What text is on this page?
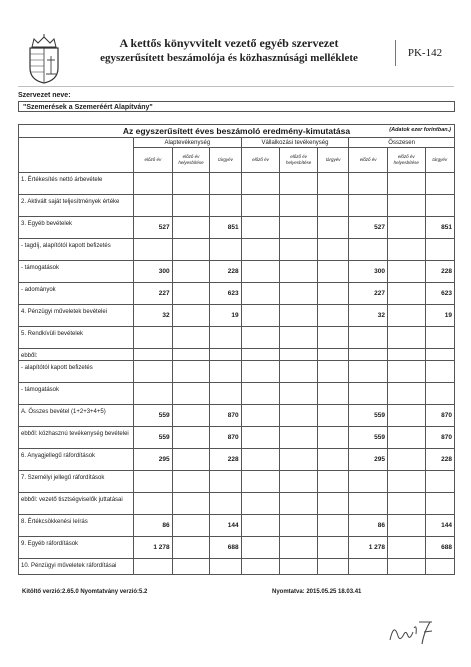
A kettős könyvvitelt vezető egyéb szervezet
egyszerűsített beszámolója és közhasznúsági melléklete	PK-142
Szervezet neve:
"Szemerések a Szemeréért Alapítvány"
Az egyszerűsített éves beszámoló eredmény-kimutatása (Adatok ezer forintban.)									

	Alaptevékenység			Vállalkozási tevékenység			Összesen		
	előző év	előző év helyesbítése	tárgyév	előző év	előző év helyesbítése	tárgyév	előző év	előző év helyesbítése	tárgyév
1. Értékesítés nettó árbevétele									
2. Aktivált saját teljesítmények értéke									
3. Egyéb bevételek	527		851				527		851
- tagdíj, alapítótól kapott befizetés									
- támogatások	300		228				300		228
- adományok	227		623				227		623
4. Pénzügyi műveletek bevételei	32		19				32		19
5. Rendkívüli bevételek									
ebből:									
- alapítótól kapott befizetés									
- támogatások									
A. Összes bevétel (1+2+3+4+5)	559		870				559		870
ebből: közhasznú tevékenység bevételei	559		870				559		870
6. Anyagjellegű ráfordítások	295		228				295		228
7. Személyi jellegű ráfordítások									
ebből: vezető tisztségviselők juttatásai									
8. Értékcsökkenési leírás	86		144				86		144
9. Egyéb ráfordítások	1 278		688				1 278		688
10. Pénzügyi műveletek ráfordításai									
Kitöltő verzió:2.65.0 Nyomtatvány verzió:5.2	Nyomtatva: 2015.05.25 18.03.41
